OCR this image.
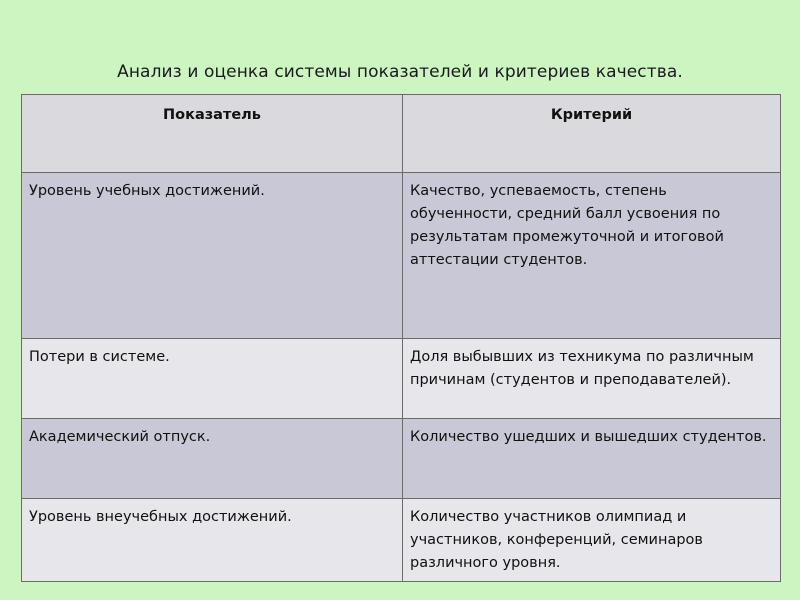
Анализ и оценка системы показателей и критериев качества.
Показатель	Критерий
Уровень учебных достижений.	Качество, успеваемость, степень обученности, средний балл усвоения по результатам промежуточной и итоговой аттестации студентов.
Потери в системе.	Доля выбывших из техникума по различным причинам (студентов и преподавателей).
Академический отпуск.	Количество ушедших и вышедших студентов.
Уровень внеучебных достижений.	Количество участников олимпиад и участников, конференций, семинаров различного уровня.
